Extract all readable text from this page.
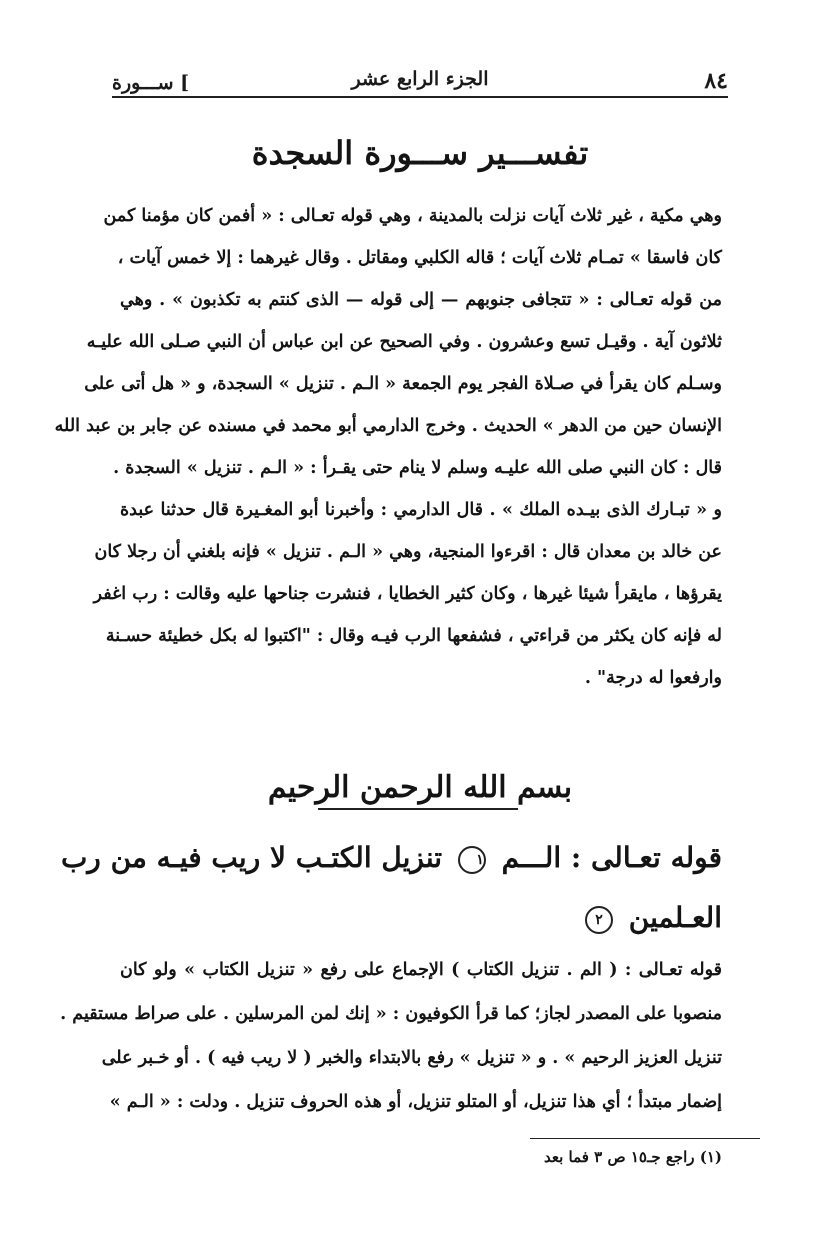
٨٤
الجزء الرابع عشر
] ســـورة
تفســـير ســـورة السجدة
وهي مكية ، غير ثلاث آيات نزلت بالمدينة ، وهي قوله تعـالى : « أفمن كان مؤمنا كمن
كان فاسقا » تمـام ثلاث آيات ؛ قاله الكلبي ومقاتل . وقال غيرهما : إلا خمس آيات ،
من قوله تعـالى : « تتجافى جنوبهم — إلى قوله — الذى كنتم به تكذبون » . وهي
ثلاثون آية . وقيـل تسع وعشرون . وفي الصحيح عن ابن عباس أن النبي صـلى الله عليـه
وسـلم كان يقرأ في صـلاة الفجر يوم الجمعة « الـم . تنزيل » السجدة، و « هل أتى على
الإنسان حين من الدهر » الحديث . وخرج الدارمي أبو محمد في مسنده عن جابر بن عبد الله
قال : كان النبي صلى الله عليـه وسلم لا ينام حتى يقـرأ : « الـم . تنزيل » السجدة .
و « تبـارك الذى بيـده الملك » . قال الدارمي : وأخبرنا أبو المغـيرة قال حدثنا عبدة
عن خالد بن معدان قال : اقرءوا المنجية، وهي « الـم . تنزيل » فإنه بلغني أن رجلا كان
يقرؤها ، مايقرأ شيئا غيرها ، وكان كثير الخطايا ، فنشرت جناحها عليه وقالت : رب اغفر
له فإنه كان يكثر من قراءتي ، فشفعها الرب فيـه وقال : "اكتبوا له بكل خطيئة حسـنة
وارفعوا له درجة" .
بسم الله الرحمن الرحيم
قوله تعـالى : الـــم ١ تنزيل الكتـب لا ريب فيـه من رب
العـلمين ٢
قوله تعـالى : ( الم . تنزيل الكتاب ) الإجماع على رفع « تنزيل الكتاب » ولو كان
منصوبا على المصدر لجاز؛ كما قرأ الكوفيون : « إنك لمن المرسلين . على صراط مستقيم .
تنزيل العزيز الرحيم » . و « تنزيل » رفع بالابتداء والخبر ( لا ريب فيه ) . أو خـبر على
إضمار مبتدأ ؛ أي هذا تنزيل، أو المتلو تنزيل، أو هذه الحروف تنزيل . ودلت : « الـم »
(١) راجع جـ١٥ ص ٣ فما بعد
